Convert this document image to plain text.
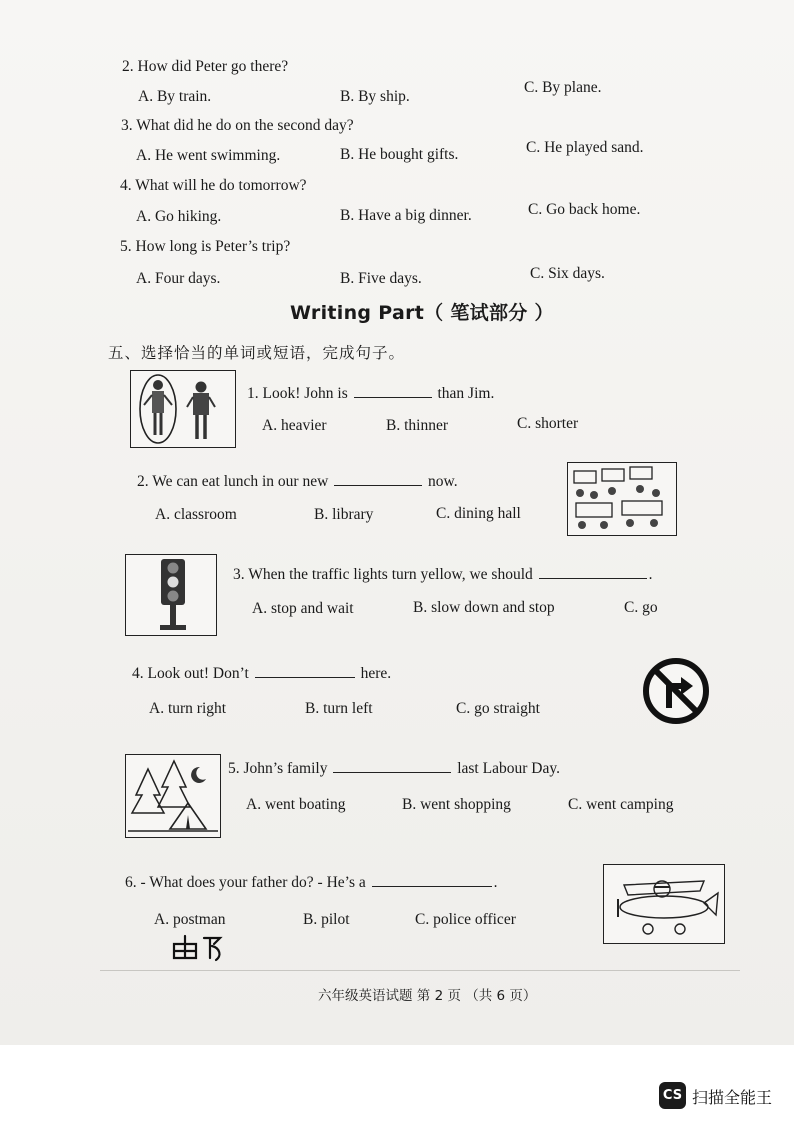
2. How did Peter go there?
A. By train.	B. By ship.
C. By plane.
3. What did he do on the second day?
A. He went swimming.	B. He bought gifts.	C. He played sand.
4. What will he do tomorrow?
A. Go hiking.	B. Have a big dinner.	C. Go back home.
5. How long is Peter’s trip?
A. Four days.	B. Five days.	C. Six days.
Writing Part（ 笔试部分 ）
五、选择恰当的单词或短语，完成句子。
1. Look! John is	than Jim.
A. heavier	B. thinner	C. shorter
2. We can eat lunch in our new	now.
A. classroom	B. library	C. dining hall
3. When the traffic lights turn yellow, we should	.
A. stop and wait	B. slow down and stop	C. go
4. Look out! Don’t	here.
A. turn right	B. turn left	C. go straight
5. John’s family	last Labour Day.
A. went boating	B. went shopping	C. went camping
6. - What does your father do? - He’s a	.
A. postman	B. pilot	C. police officer
六年级英语试题 第 2 页 （共 6 页）
CS 扫描全能王
